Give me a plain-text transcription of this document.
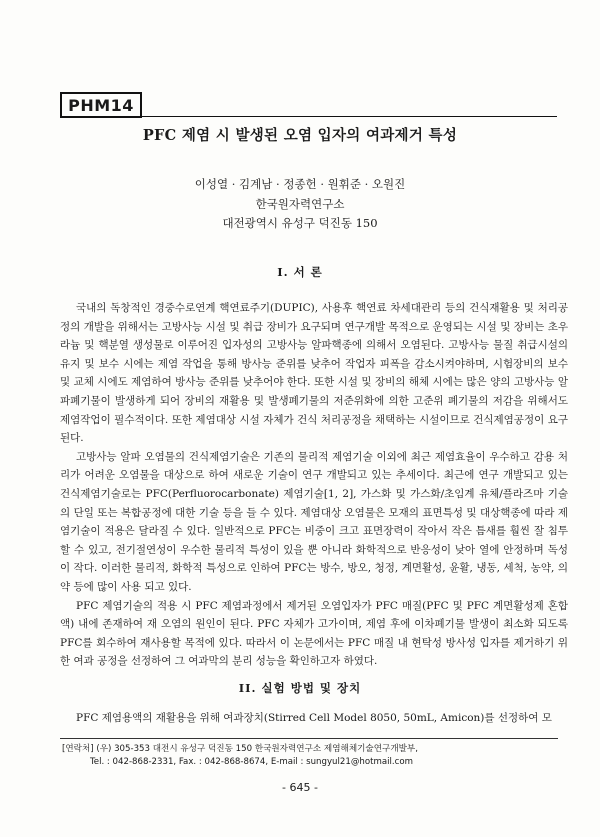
PHM14
PFC 제염 시 발생된 오염 입자의 여과제거 특성
이성열 · 김계남 · 정종헌 · 원휘준 · 오원진
한국원자력연구소
대전광역시 유성구 덕진동 150
I. 서 론

국내의 독창적인 경중수로연계 핵연료주기(DUPIC), 사용후 핵연료 차세대관리 등의 건식재활용 및 처리공정의 개발을 위해서는 고방사능 시설 및 취급 장비가 요구되며 연구개발 목적으로 운영되는 시설 및 장비는 초우라늄 및 핵분열 생성물로 이루어진 입자성의 고방사능 알파핵종에 의해서 오염된다. 고방사능 물질 취급시설의 유지 및 보수 시에는 제염 작업을 통해 방사능 준위를 낮추어 작업자 피폭을 감소시켜야하며, 시험장비의 보수 및 교체 시에도 제염하여 방사능 준위를 낮추어야 한다. 또한 시설 및 장비의 해체 시에는 많은 양의 고방사능 알파폐기물이 발생하게 되어 장비의 재활용 및 발생폐기물의 저준위화에 의한 고준위 폐기물의 저감을 위해서도 제염작업이 필수적이다. 또한 제염대상 시설 자체가 건식 처리공정을 채택하는 시설이므로 건식제염공정이 요구된다.

고방사능 알파 오염물의 건식제염기술은 기존의 물리적 제염기술 이외에 최근 제염효율이 우수하고 감용 처리가 어려운 오염물을 대상으로 하여 새로운 기술이 연구 개발되고 있는 추세이다. 최근에 연구 개발되고 있는 건식제염기술로는 PFC(Perfluorocarbonate) 제염기술[1, 2], 가스화 및 가스화/초임계 유체/플라즈마 기술의 단일 또는 복합공정에 대한 기술 등을 들 수 있다. 제염대상 오염물은 모재의 표면특성 및 대상핵종에 따라 제염기술이 적용은 달라질 수 있다. 일반적으로 PFC는 비중이 크고 표면장력이 작아서 작은 틈새를 훨씬 잘 침투할 수 있고, 전기절연성이 우수한 물리적 특성이 있을 뿐 아니라 화학적으로 반응성이 낮아 열에 안정하며 독성이 작다. 이러한 물리적, 화학적 특성으로 인하여 PFC는 방수, 방오, 청정, 계면활성, 윤활, 냉동, 세척, 농약, 의약 등에 많이 사용 되고 있다.

PFC 제염기술의 적용 시 PFC 제염과정에서 제거된 오염입자가 PFC 매질(PFC 및 PFC 계면활성제 혼합액) 내에 존재하여 재 오염의 원인이 된다. PFC 자체가 고가이며, 제염 후에 이차폐기물 발생이 최소화 되도록 PFC를 회수하여 재사용할 목적에 있다. 따라서 이 논문에서는 PFC 매질 내 현탁성 방사성 입자를 제거하기 위한 여과 공정을 선정하여 그 여과막의 분리 성능을 확인하고자 하였다.

II. 실험 방법 및 장치

PFC 제염용액의 재활용을 위해 여과장치(Stirred Cell Model 8050, 50mL, Amicon)를 선정하여 모

[연락처] (우) 305-353 대전시 유성구 덕진동 150 한국원자력연구소 제염해체기술연구개발부,
Tel. : 042-868-2331, Fax. : 042-868-8674, E-mail : sungyul21@hotmail.com
- 645 -
